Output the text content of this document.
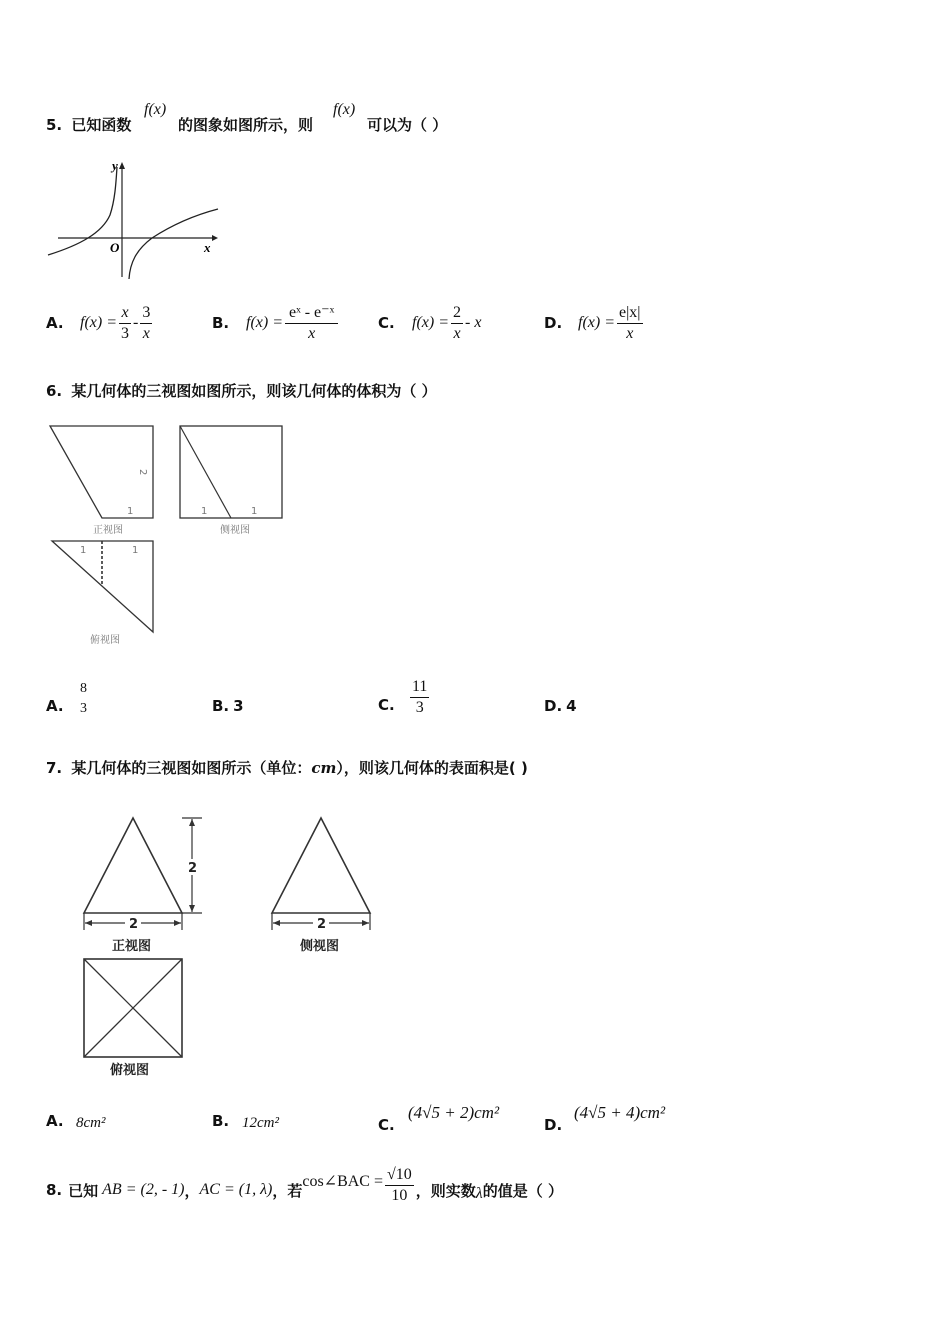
5. 已知函数
f(x)
的图象如图所示，则
f(x)
可以为（ ）
y
x
O
A.	$f(x) = \frac{x}{3} - \frac{3}{x}$	B.	$f(x) = \frac{\text{eˣ - e⁻ˣ}}{x}$	C.	$f(x) = \frac{2}{x} - x$	D. $f(x) = \frac{e|x|}{x}$
6. 某几何体的三视图如图所示，则该几何体的体积为（ ）
2
1
正视图
1	1
侧视图
1	1
俯视图
A.
8
3	B. 3	C. $\frac{11}{3}$	D. 4
7. 某几何体的三视图如图所示（单位：cm），则该几何体的表面积是( )
2
2
正视图
2
侧视图
俯视图
A. 8cm²	B. 12cm²	C.
(4√5 + 2)cm²
D.
(4√5 + 4)cm²
8. 已知 AB = (2, - 1) ， AC = (1, λ) ，若 cos∠BAC = $\frac{√10}{10}$ ，则实数 λ 的值是（ ）
